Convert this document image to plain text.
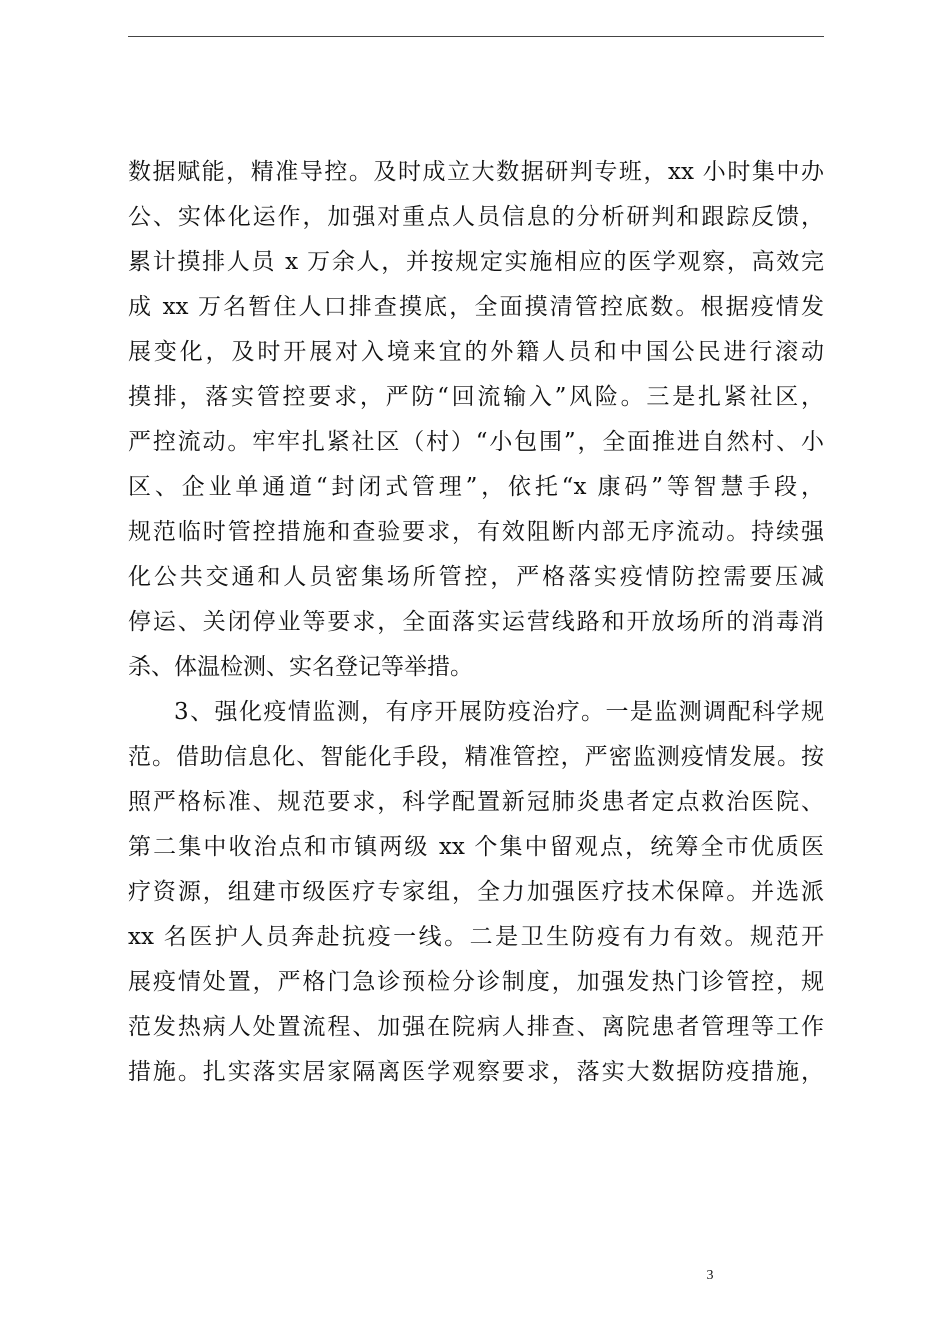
数据赋能，精准导控。及时成立大数据研判专班，xx 小时集中办
公、实体化运作，加强对重点人员信息的分析研判和跟踪反馈，
累计摸排人员 x 万余人，并按规定实施相应的医学观察，高效完
成 xx 万名暂住人口排查摸底，全面摸清管控底数。根据疫情发
展变化，及时开展对入境来宜的外籍人员和中国公民进行滚动
摸排，落实管控要求，严防“回流输入”风险。三是扎紧社区，
严控流动。牢牢扎紧社区（村）“小包围”，全面推进自然村、小
区、企业单通道“封闭式管理”，依托“x 康码”等智慧手段，
规范临时管控措施和查验要求，有效阻断内部无序流动。持续强
化公共交通和人员密集场所管控，严格落实疫情防控需要压减
停运、关闭停业等要求，全面落实运营线路和开放场所的消毒消
杀、体温检测、实名登记等举措。

3、强化疫情监测，有序开展防疫治疗。一是监测调配科学规
范。借助信息化、智能化手段，精准管控，严密监测疫情发展。按
照严格标准、规范要求，科学配置新冠肺炎患者定点救治医院、
第二集中收治点和市镇两级 xx 个集中留观点，统筹全市优质医
疗资源，组建市级医疗专家组，全力加强医疗技术保障。并选派
xx 名医护人员奔赴抗疫一线。二是卫生防疫有力有效。规范开
展疫情处置，严格门急诊预检分诊制度，加强发热门诊管控，规
范发热病人处置流程、加强在院病人排查、离院患者管理等工作
措施。扎实落实居家隔离医学观察要求，落实大数据防疫措施，

3
